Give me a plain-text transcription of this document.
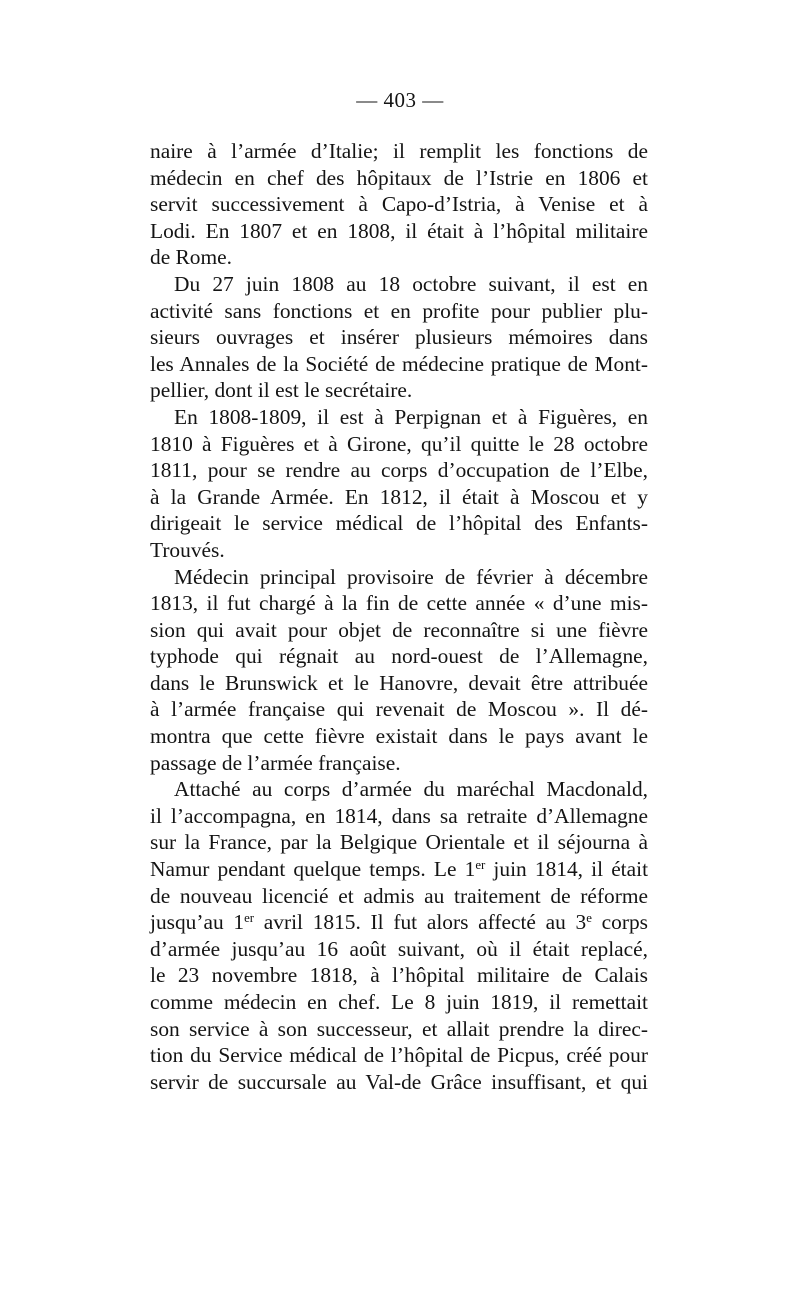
— 403 —
naire à l’armée d’Italie; il remplit les fonctions de
médecin en chef des hôpitaux de l’Istrie en 1806 et
servit successivement à Capo-d’Istria, à Venise et à
Lodi. En 1807 et en 1808, il était à l’hôpital militaire
de Rome.
Du 27 juin 1808 au 18 octobre suivant, il est en
activité sans fonctions et en profite pour publier plu-
sieurs ouvrages et insérer plusieurs mémoires dans
les Annales de la Société de médecine pratique de Mont-
pellier, dont il est le secrétaire.
En 1808-1809, il est à Perpignan et à Figuères, en
1810 à Figuères et à Girone, qu’il quitte le 28 octobre
1811, pour se rendre au corps d’occupation de l’Elbe,
à la Grande Armée. En 1812, il était à Moscou et y
dirigeait le service médical de l’hôpital des Enfants-
Trouvés.
Médecin principal provisoire de février à décembre
1813, il fut chargé à la fin de cette année « d’une mis-
sion qui avait pour objet de reconnaître si une fièvre
typhode qui régnait au nord-ouest de l’Allemagne,
dans le Brunswick et le Hanovre, devait être attribuée
à l’armée française qui revenait de Moscou ». Il dé-
montra que cette fièvre existait dans le pays avant le
passage de l’armée française.
Attaché au corps d’armée du maréchal Macdonald,
il l’accompagna, en 1814, dans sa retraite d’Allemagne
sur la France, par la Belgique Orientale et il séjourna à
Namur pendant quelque temps. Le 1er juin 1814, il était
de nouveau licencié et admis au traitement de réforme
jusqu’au 1er avril 1815. Il fut alors affecté au 3e corps
d’armée jusqu’au 16 août suivant, où il était replacé,
le 23 novembre 1818, à l’hôpital militaire de Calais
comme médecin en chef. Le 8 juin 1819, il remettait
son service à son successeur, et allait prendre la direc-
tion du Service médical de l’hôpital de Picpus, créé pour
servir de succursale au Val-de Grâce insuffisant, et qui
